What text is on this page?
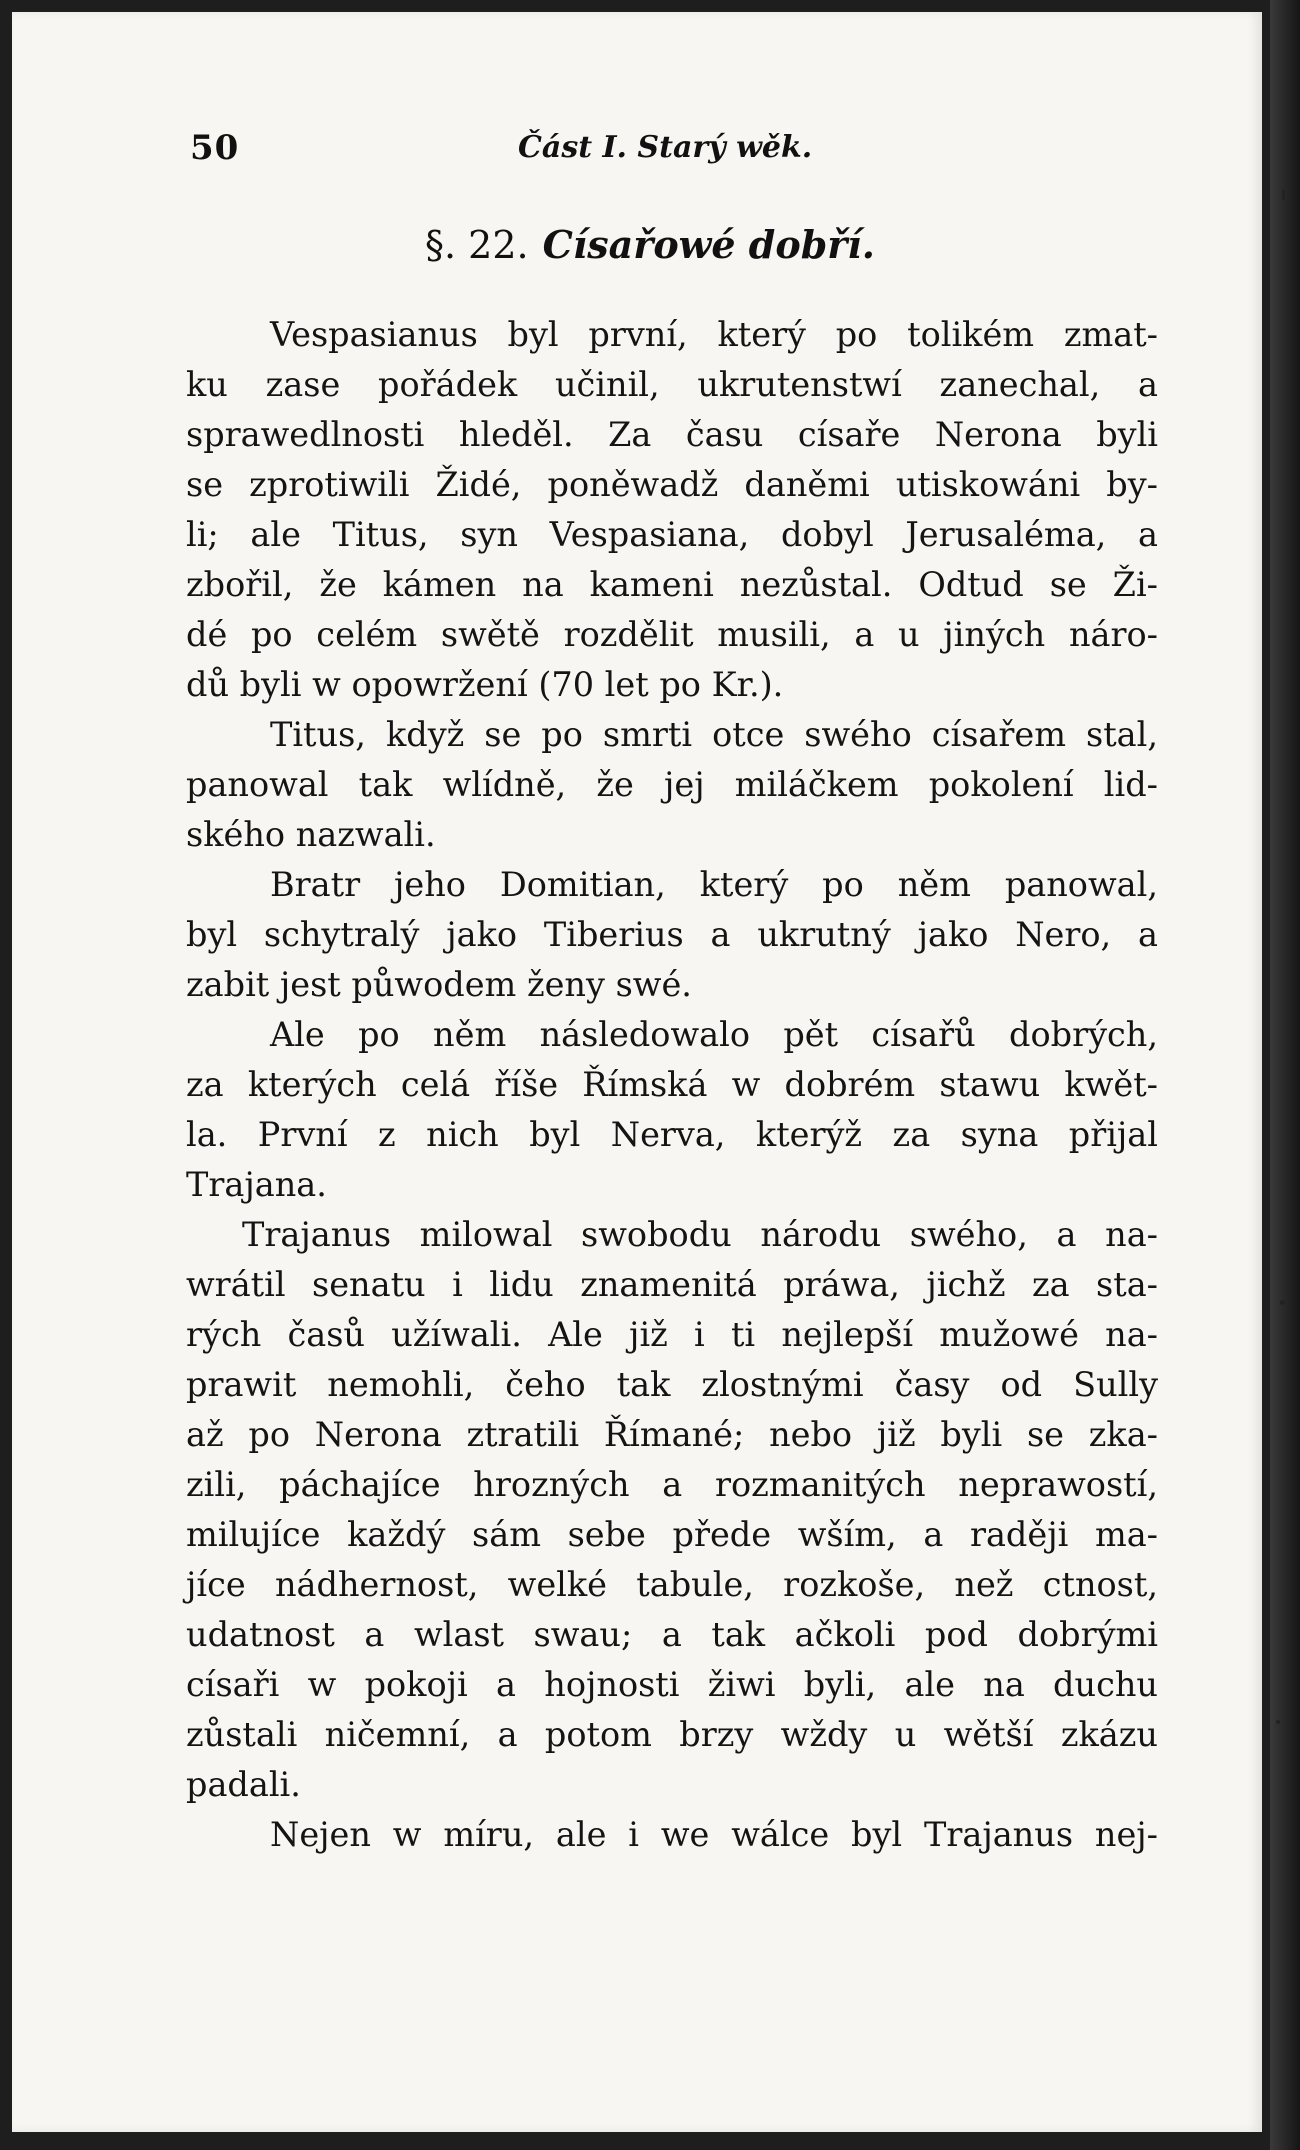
50	Část I. Starý wěk.
§. 22. Císařowé dobří.
Vespasianus byl první, který po tolikém zmat-
ku zase pořádek učinil, ukrutenstwí zanechal, a
sprawedlnosti hleděl. Za času císaře Nerona byli
se zprotiwili Židé, poněwadž daněmi utiskowáni by-
li; ale Titus, syn Vespasiana, dobyl Jerusaléma, a
zbořil, že kámen na kameni nezůstal. Odtud se Ži-
dé po celém swětě rozdělit musili, a u jiných náro-
dů byli w opowržení (70 let po Kr.).
Titus, když se po smrti otce swého císařem stal,
panowal tak wlídně, že jej miláčkem pokolení lid-
ského nazwali.
Bratr jeho Domitian, který po něm panowal,
byl schytralý jako Tiberius a ukrutný jako Nero, a
zabit jest půwodem ženy swé.
Ale po něm následowalo pět císařů dobrých,
za kterých celá říše Římská w dobrém stawu kwět-
la. První z nich byl Nerva, kterýž za syna přijal
Trajana.
Trajanus milowal swobodu národu swého, a na-
wrátil senatu i lidu znamenitá práwa, jichž za sta-
rých časů užíwali. Ale již i ti nejlepší mužowé na-
prawit nemohli, čeho tak zlostnými časy od Sully
až po Nerona ztratili Římané; nebo již byli se zka-
zili, páchajíce hrozných a rozmanitých neprawostí,
milujíce každý sám sebe přede wším, a raději ma-
jíce nádhernost, welké tabule, rozkoše, než ctnost,
udatnost a wlast swau; a tak ačkoli pod dobrými
císaři w pokoji a hojnosti žiwi byli, ale na duchu
zůstali ničemní, a potom brzy wždy u wětší zkázu
padali.
Nejen w míru, ale i we wálce byl Trajanus nej-
